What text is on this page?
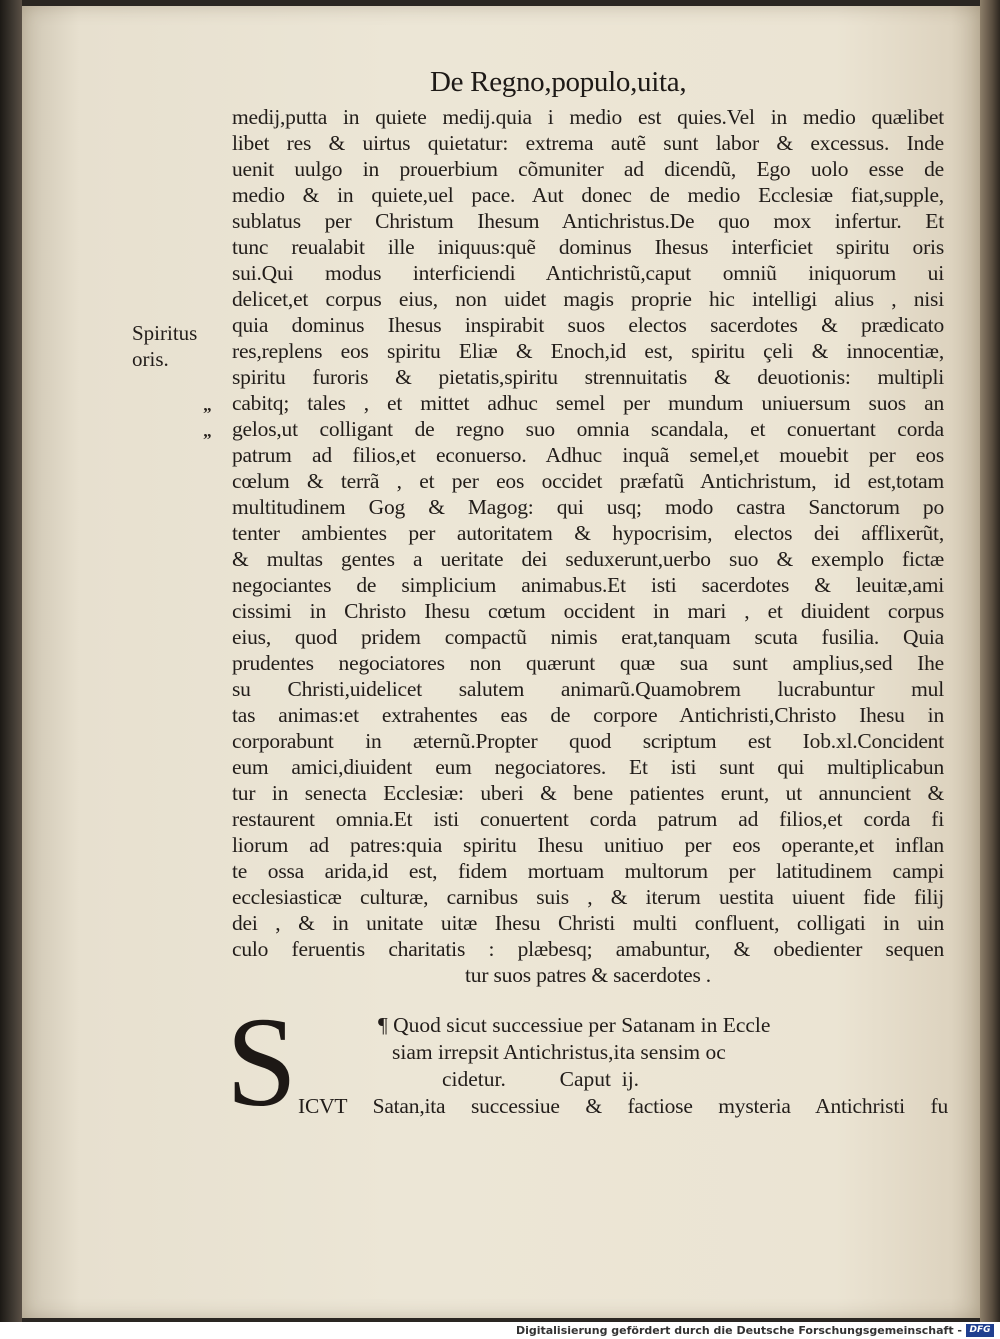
De Regno,populo,uita,
medij,putta in quiete medij.quia i medio est quies.Vel in medio quælibet
libet res & uirtus quietatur: extrema autẽ sunt labor & excessus. Inde
uenit uulgo in prouerbium cõmuniter ad dicendũ, Ego uolo esse de
medio & in quiete,uel pace. Aut donec de medio Ecclesiæ fiat,supple,
sublatus per Christum Ihesum Antichristus.De quo mox infertur. Et
tunc reualabit ille iniquus:quẽ dominus Ihesus interficiet spiritu oris
sui.Qui modus interficiendi Antichristũ,caput omniũ iniquorum ui
delicet,et corpus eius, non uidet magis proprie hic intelligi alius , nisi
quia dominus Ihesus inspirabit suos electos sacerdotes & prædicato
res,replens eos spiritu Eliæ & Enoch,id est, spiritu çeli & innocentiæ,
spiritu furoris & pietatis,spiritu strennuitatis & deuotionis: multipli
cabitq; tales , et mittet adhuc semel per mundum uniuersum suos an
gelos,ut colligant de regno suo omnia scandala, et conuertant corda
patrum ad filios,et econuerso. Adhuc inquã semel,et mouebit per eos
cœlum & terrã , et per eos occidet præfatũ Antichristum, id est,totam
multitudinem Gog & Magog: qui usq; modo castra Sanctorum po
tenter ambientes per autoritatem & hypocrisim, electos dei afflixerũt,
& multas gentes a ueritate dei seduxerunt,uerbo suo & exemplo fictæ
negociantes de simplicium animabus.Et isti sacerdotes & leuitæ,ami
cissimi in Christo Ihesu cœtum occident in mari , et diuident corpus
eius, quod pridem compactũ nimis erat,tanquam scuta fusilia. Quia
prudentes negociatores non quærunt quæ sua sunt amplius,sed Ihe
su Christi,uidelicet salutem animarũ.Quamobrem lucrabuntur mul
tas animas:et extrahentes eas de corpore Antichristi,Christo Ihesu in
corporabunt in æternũ.Propter quod scriptum est Iob.xl.Concident
eum amici,diuident eum negociatores. Et isti sunt qui multiplicabun
tur in senecta Ecclesiæ: uberi & bene patientes erunt, ut annuncient &
restaurent omnia.Et isti conuertent corda patrum ad filios,et corda fi
liorum ad patres:quia spiritu Ihesu unitiuo per eos operante,et inflan
te ossa arida,id est, fidem mortuam multorum per latitudinem campi
ecclesiasticæ culturæ, carnibus suis , & iterum uestita uiuent fide filij
dei , & in unitate uitæ Ihesu Christi multi confluent, colligati in uin
culo feruentis charitatis : plæbesq; amabuntur, & obedienter sequen
tur suos patres & sacerdotes .
Spiritus
oris.
”
”
S	¶ Quod sicut successiue per Satanam in Eccle
siam irrepsit Antichristus,ita sensim oc
cidetur.          Caput  ij.
ICVT Satan,ita successiue & factiose mysteria Antichristi fu
Digitalisierung gefördert durch die Deutsche Forschungsgemeinschaft - DFG
